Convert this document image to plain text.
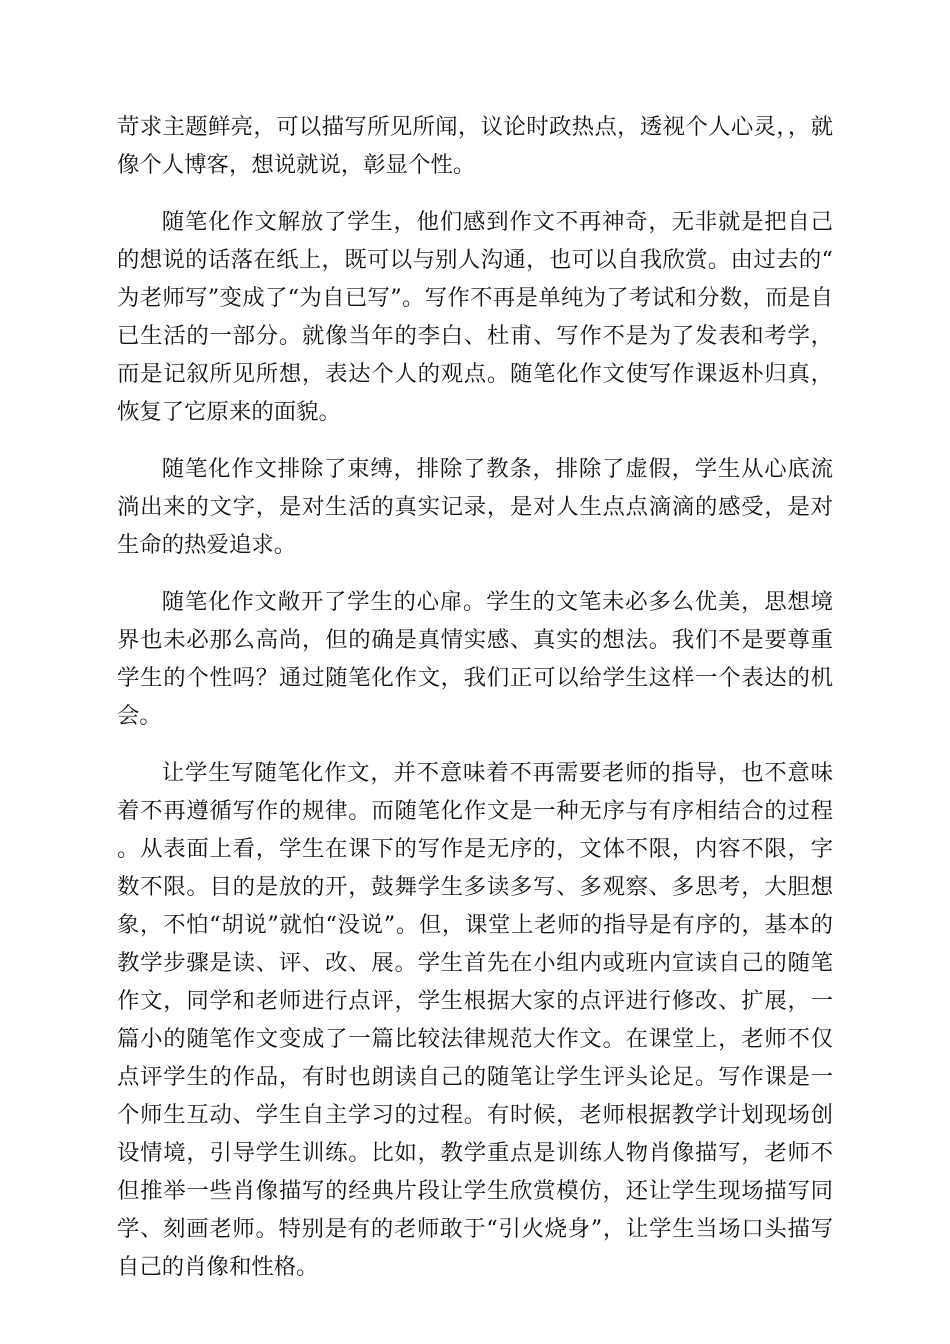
苛求主题鲜亮，可以描写所见所闻，议论时政热点，透视个人心灵，，就像个人博客，想说就说，彰显个性。

随笔化作文解放了学生，他们感到作文不再神奇，无非就是把自己的想说的话落在纸上，既可以与别人沟通，也可以自我欣赏。由过去的“为老师写”变成了“为自已写”。写作不再是单纯为了考试和分数，而是自已生活的一部分。就像当年的李白、杜甫、写作不是为了发表和考学，而是记叙所见所想，表达个人的观点。随笔化作文使写作课返朴归真，恢复了它原来的面貌。

随笔化作文排除了束缚，排除了教条，排除了虚假，学生从心底流淌出来的文字，是对生活的真实记录，是对人生点点滴滴的感受，是对生命的热爱追求。

随笔化作文敞开了学生的心扉。学生的文笔未必多么优美，思想境界也未必那么高尚，但的确是真情实感、真实的想法。我们不是要尊重学生的个性吗？通过随笔化作文，我们正可以给学生这样一个表达的机会。

让学生写随笔化作文，并不意味着不再需要老师的指导，也不意味着不再遵循写作的规律。而随笔化作文是一种无序与有序相结合的过程。从表面上看，学生在课下的写作是无序的，文体不限，内容不限，字数不限。目的是放的开，鼓舞学生多读多写、多观察、多思考，大胆想象，不怕“胡说”就怕“没说”。但，课堂上老师的指导是有序的，基本的教学步骤是读、评、改、展。学生首先在小组内或班内宣读自己的随笔作文，同学和老师进行点评，学生根据大家的点评进行修改、扩展，一篇小的随笔作文变成了一篇比较法律规范大作文。在课堂上，老师不仅点评学生的作品，有时也朗读自己的随笔让学生评头论足。写作课是一个师生互动、学生自主学习的过程。有时候，老师根据教学计划现场创设情境，引导学生训练。比如，教学重点是训练人物肖像描写，老师不但推举一些肖像描写的经典片段让学生欣赏模仿，还让学生现场描写同学、刻画老师。特别是有的老师敢于“引火烧身”，让学生当场口头描写自己的肖像和性格。
